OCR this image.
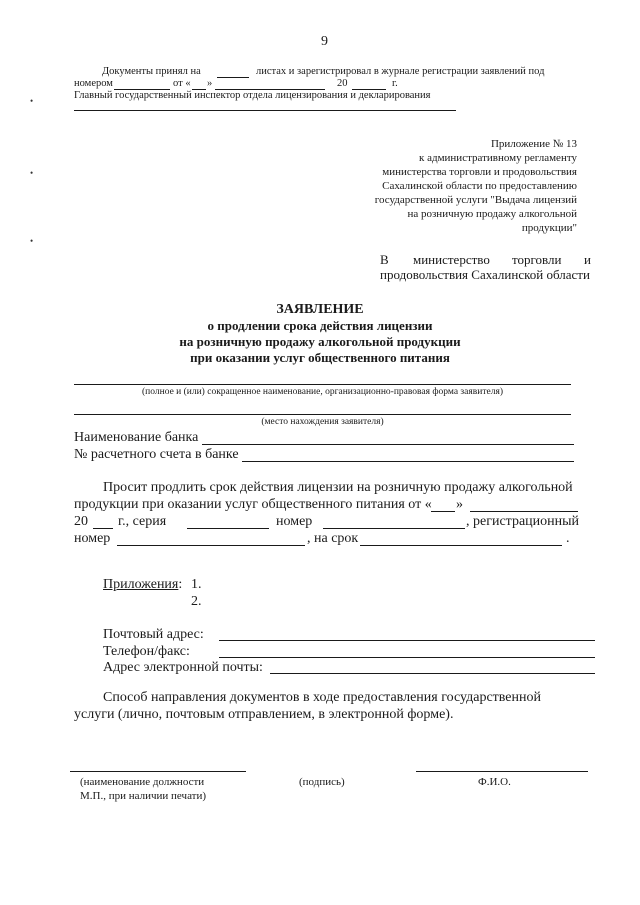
9
Документы принял на	листах и зарегистрировал в журнале регистрации заявлений под
номером	от « »	20	г.
Главный государственный инспектор отдела лицензирования и декларирования
•
•
•
Приложение № 13
к административному регламенту
министерства торговли и продовольствия
Сахалинской области по предоставлению
государственной услуги "Выдача лицензий
на розничную продажу алкогольной
продукции"
В министерство торговли и
продовольствия Сахалинской области
ЗАЯВЛЕНИЕ
о продлении срока действия лицензии
на розничную продажу алкогольной продукции
при оказании услуг общественного питания
(полное и (или) сокращенное наименование, организационно-правовая форма заявителя)
(место нахождения заявителя)
Наименование банка
№ расчетного счета в банке
Просит продлить срок действия лицензии на розничную продажу алкогольной
продукции при оказании услуг общественного питания от « »
20 г., серия	номер	, регистрационный
номер	, на срок	.
Приложения: 1.
2.
Почтовый адрес:
Телефон/факс:
Адрес электронной почты:
Способ направления документов в ходе предоставления государственной
услуги (лично, почтовым отправлением, в электронной форме).
(наименование должности
М.П., при наличии печати)
(подпись)	Ф.И.О.
